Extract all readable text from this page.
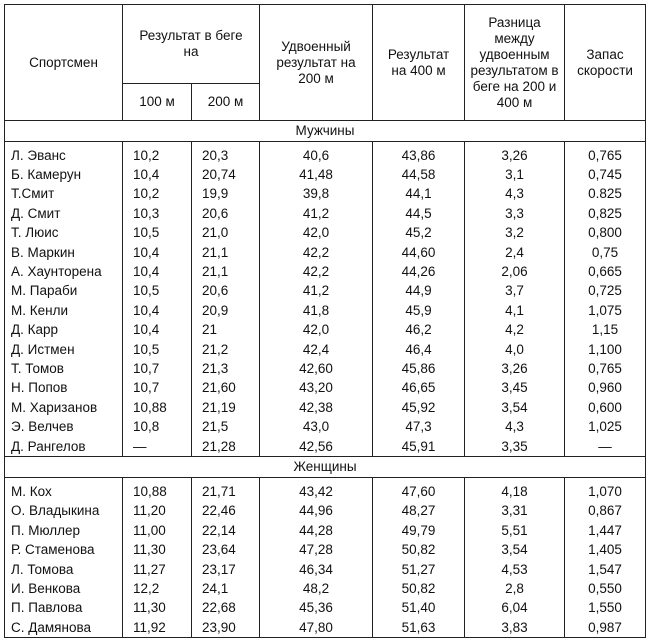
Спортсмен	Результат в беге на		Удвоенный результат на 200 м	Результат на 400 м	Разница между удвоенным результатом в беге на 200 и 400 м	Запас скорости
	100 м	200 м				
Мужчины						

Л. Эванс	10,2	20,3	40,6	43,86	3,26	0,765
Б. Камерун	10,4	20,74	41,48	44,58	3,1	0,745
Т.Смит	10,2	19,9	39,8	44,1	4,3	0.825
Д. Смит	10,3	20,6	41,2	44,5	3,3	0,825
Т. Люис	10,5	21,0	42,0	45,2	3,2	0,800
В. Маркин	10,4	21,1	42,2	44,60	2,4	0,75
А. Хаунторена	10,4	21,1	42,2	44,26	2,06	0,665
М. Параби	10,5	20,6	41,2	44,9	3,7	0,725
М. Кенли	10,4	20,9	41,8	45,9	4,1	1,075
Д. Карр	10,4	21	42,0	46,2	4,2	1,15
Д. Истмен	10,5	21,2	42,4	46,4	4,0	1,100
Т. Томов	10,7	21,3	42,60	45,86	3,26	0,765
Н. Попов	10,7	21,60	43,20	46,65	3,45	0,960
М. Харизанов	10,88	21,19	42,38	45,92	3,54	0,600
Э. Велчев	10,8	21,5	43,0	47,3	4,3	1,025
Д. Рангелов	—	21,28	42,56	45,91	3,35	—
Женщины						

М. Кох	10,88	21,71	43,42	47,60	4,18	1,070
О. Владыкина	11,20	22,46	44,96	48,27	3,31	0,867
П. Мюллер	11,00	22,14	44,28	49,79	5,51	1,447
Р. Стаменова	11,30	23,64	47,28	50,82	3,54	1,405
Л. Томова	11,27	23,17	46,34	51,27	4,53	1,547
И. Венкова	12,2	24,1	48,2	50,82	2,8	0,550
П. Павлова	11,30	22,68	45,36	51,40	6,04	1,550
С. Дамянова	11,92	23,90	47,80	51,63	3,83	0,987
